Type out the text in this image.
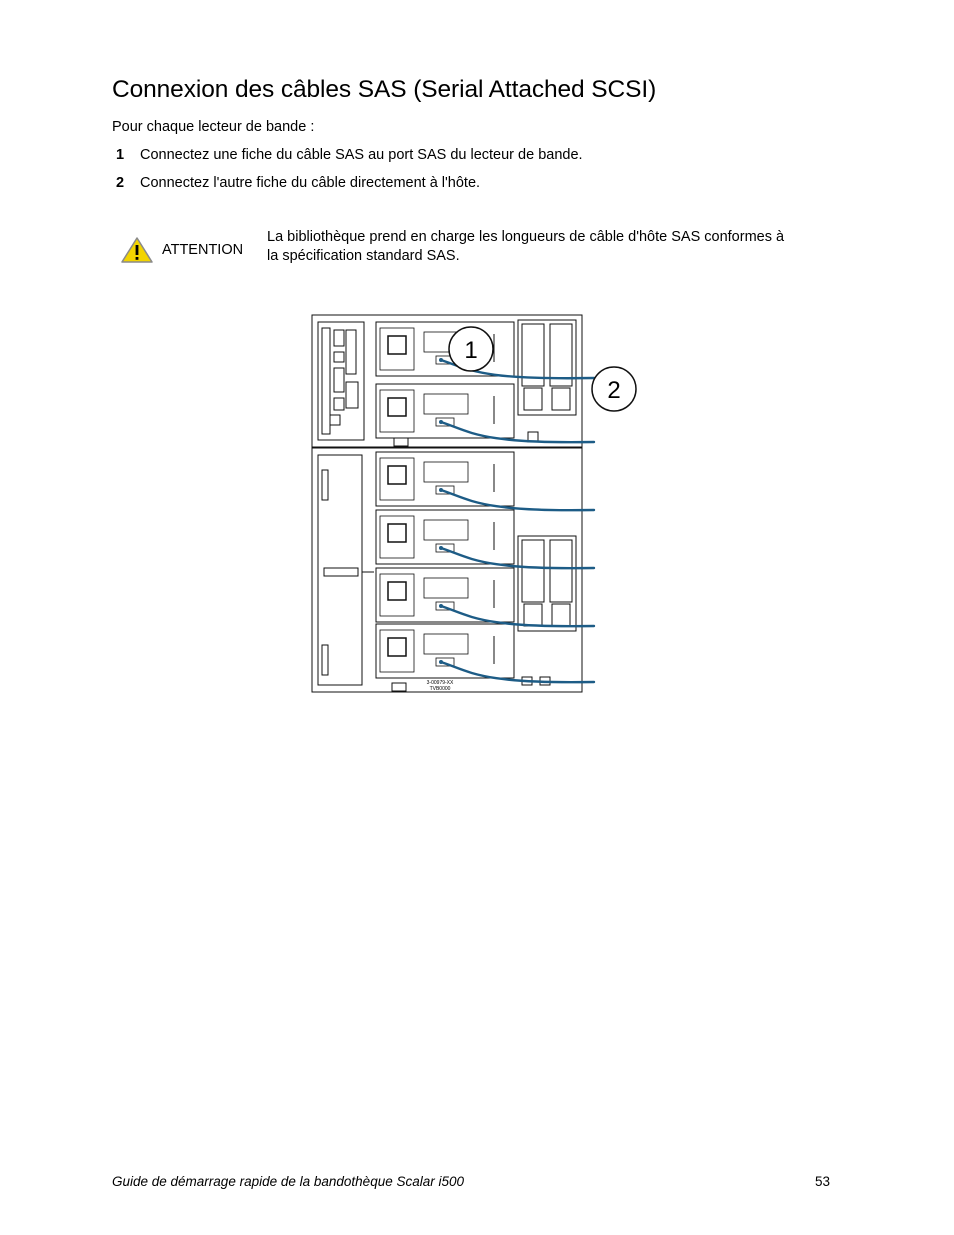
Connexion des câbles SAS (Serial Attached SCSI)
Pour chaque lecteur de bande :
1 Connectez une fiche du câble SAS au port SAS du lecteur de bande.
2 Connectez l'autre fiche du câble directement à l'hôte.
ATTENTION
La bibliothèque prend en charge les longueurs de câble d'hôte SAS conformes à la spécification standard SAS.
3-00979-XX
TVB0000
1
2
Guide de démarrage rapide de la bandothèque Scalar i500	53
